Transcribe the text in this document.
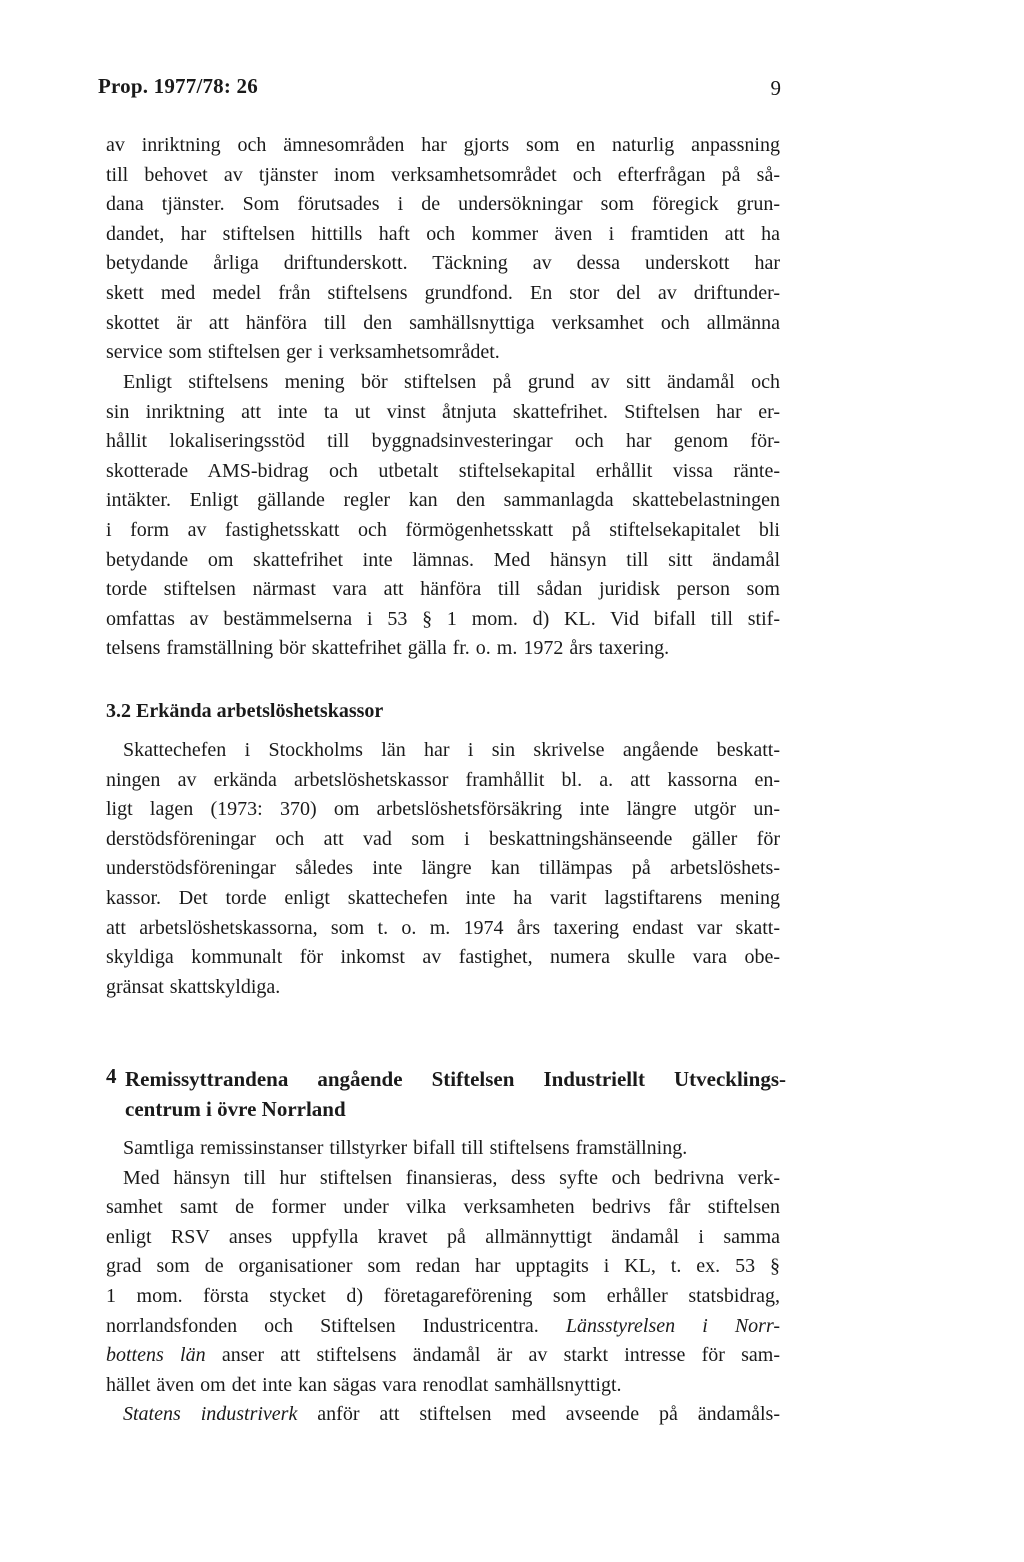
Prop. 1977/78: 26	9
av inriktning och ämnesområden har gjorts som en naturlig anpassning
till behovet av tjänster inom verksamhetsområdet och efterfrågan på så-
dana tjänster. Som förutsades i de undersökningar som föregick grun-
dandet, har stiftelsen hittills haft och kommer även i framtiden att ha
betydande årliga driftunderskott. Täckning av dessa underskott har
skett med medel från stiftelsens grundfond. En stor del av driftunder-
skottet är att hänföra till den samhällsnyttiga verksamhet och allmänna
service som stiftelsen ger i verksamhetsområdet.
Enligt stiftelsens mening bör stiftelsen på grund av sitt ändamål och
sin inriktning att inte ta ut vinst åtnjuta skattefrihet. Stiftelsen har er-
hållit lokaliseringsstöd till byggnadsinvesteringar och har genom för-
skotterade AMS-bidrag och utbetalt stiftelsekapital erhållit vissa ränte-
intäkter. Enligt gällande regler kan den sammanlagda skattebelastningen
i form av fastighetsskatt och förmögenhetsskatt på stiftelsekapitalet bli
betydande om skattefrihet inte lämnas. Med hänsyn till sitt ändamål
torde stiftelsen närmast vara att hänföra till sådan juridisk person som
omfattas av bestämmelserna i 53 § 1 mom. d) KL. Vid bifall till stif-
telsens framställning bör skattefrihet gälla fr. o. m. 1972 års taxering.
3.2 Erkända arbetslöshetskassor
Skattechefen i Stockholms län har i sin skrivelse angående beskatt-
ningen av erkända arbetslöshetskassor framhållit bl. a. att kassorna en-
ligt lagen (1973: 370) om arbetslöshetsförsäkring inte längre utgör un-
derstödsföreningar och att vad som i beskattningshänseende gäller för
understödsföreningar således inte längre kan tillämpas på arbetslöshets-
kassor. Det torde enligt skattechefen inte ha varit lagstiftarens mening
att arbetslöshetskassorna, som t. o. m. 1974 års taxering endast var skatt-
skyldiga kommunalt för inkomst av fastighet, numera skulle vara obe-
gränsat skattskyldiga.
4 Remissyttrandena angående Stiftelsen Industriellt Utvecklings-
centrum i övre Norrland
Samtliga remissinstanser tillstyrker bifall till stiftelsens framställning.
Med hänsyn till hur stiftelsen finansieras, dess syfte och bedrivna verk-
samhet samt de former under vilka verksamheten bedrivs får stiftelsen
enligt RSV anses uppfylla kravet på allmännyttigt ändamål i samma
grad som de organisationer som redan har upptagits i KL, t. ex. 53 §
1 mom. första stycket d) företagareförening som erhåller statsbidrag,
norrlandsfonden och Stiftelsen Industricentra. Länsstyrelsen i Norr-
bottens län anser att stiftelsens ändamål är av starkt intresse för sam-
hället även om det inte kan sägas vara renodlat samhällsnyttigt.
Statens industriverk anför att stiftelsen med avseende på ändamåls-
